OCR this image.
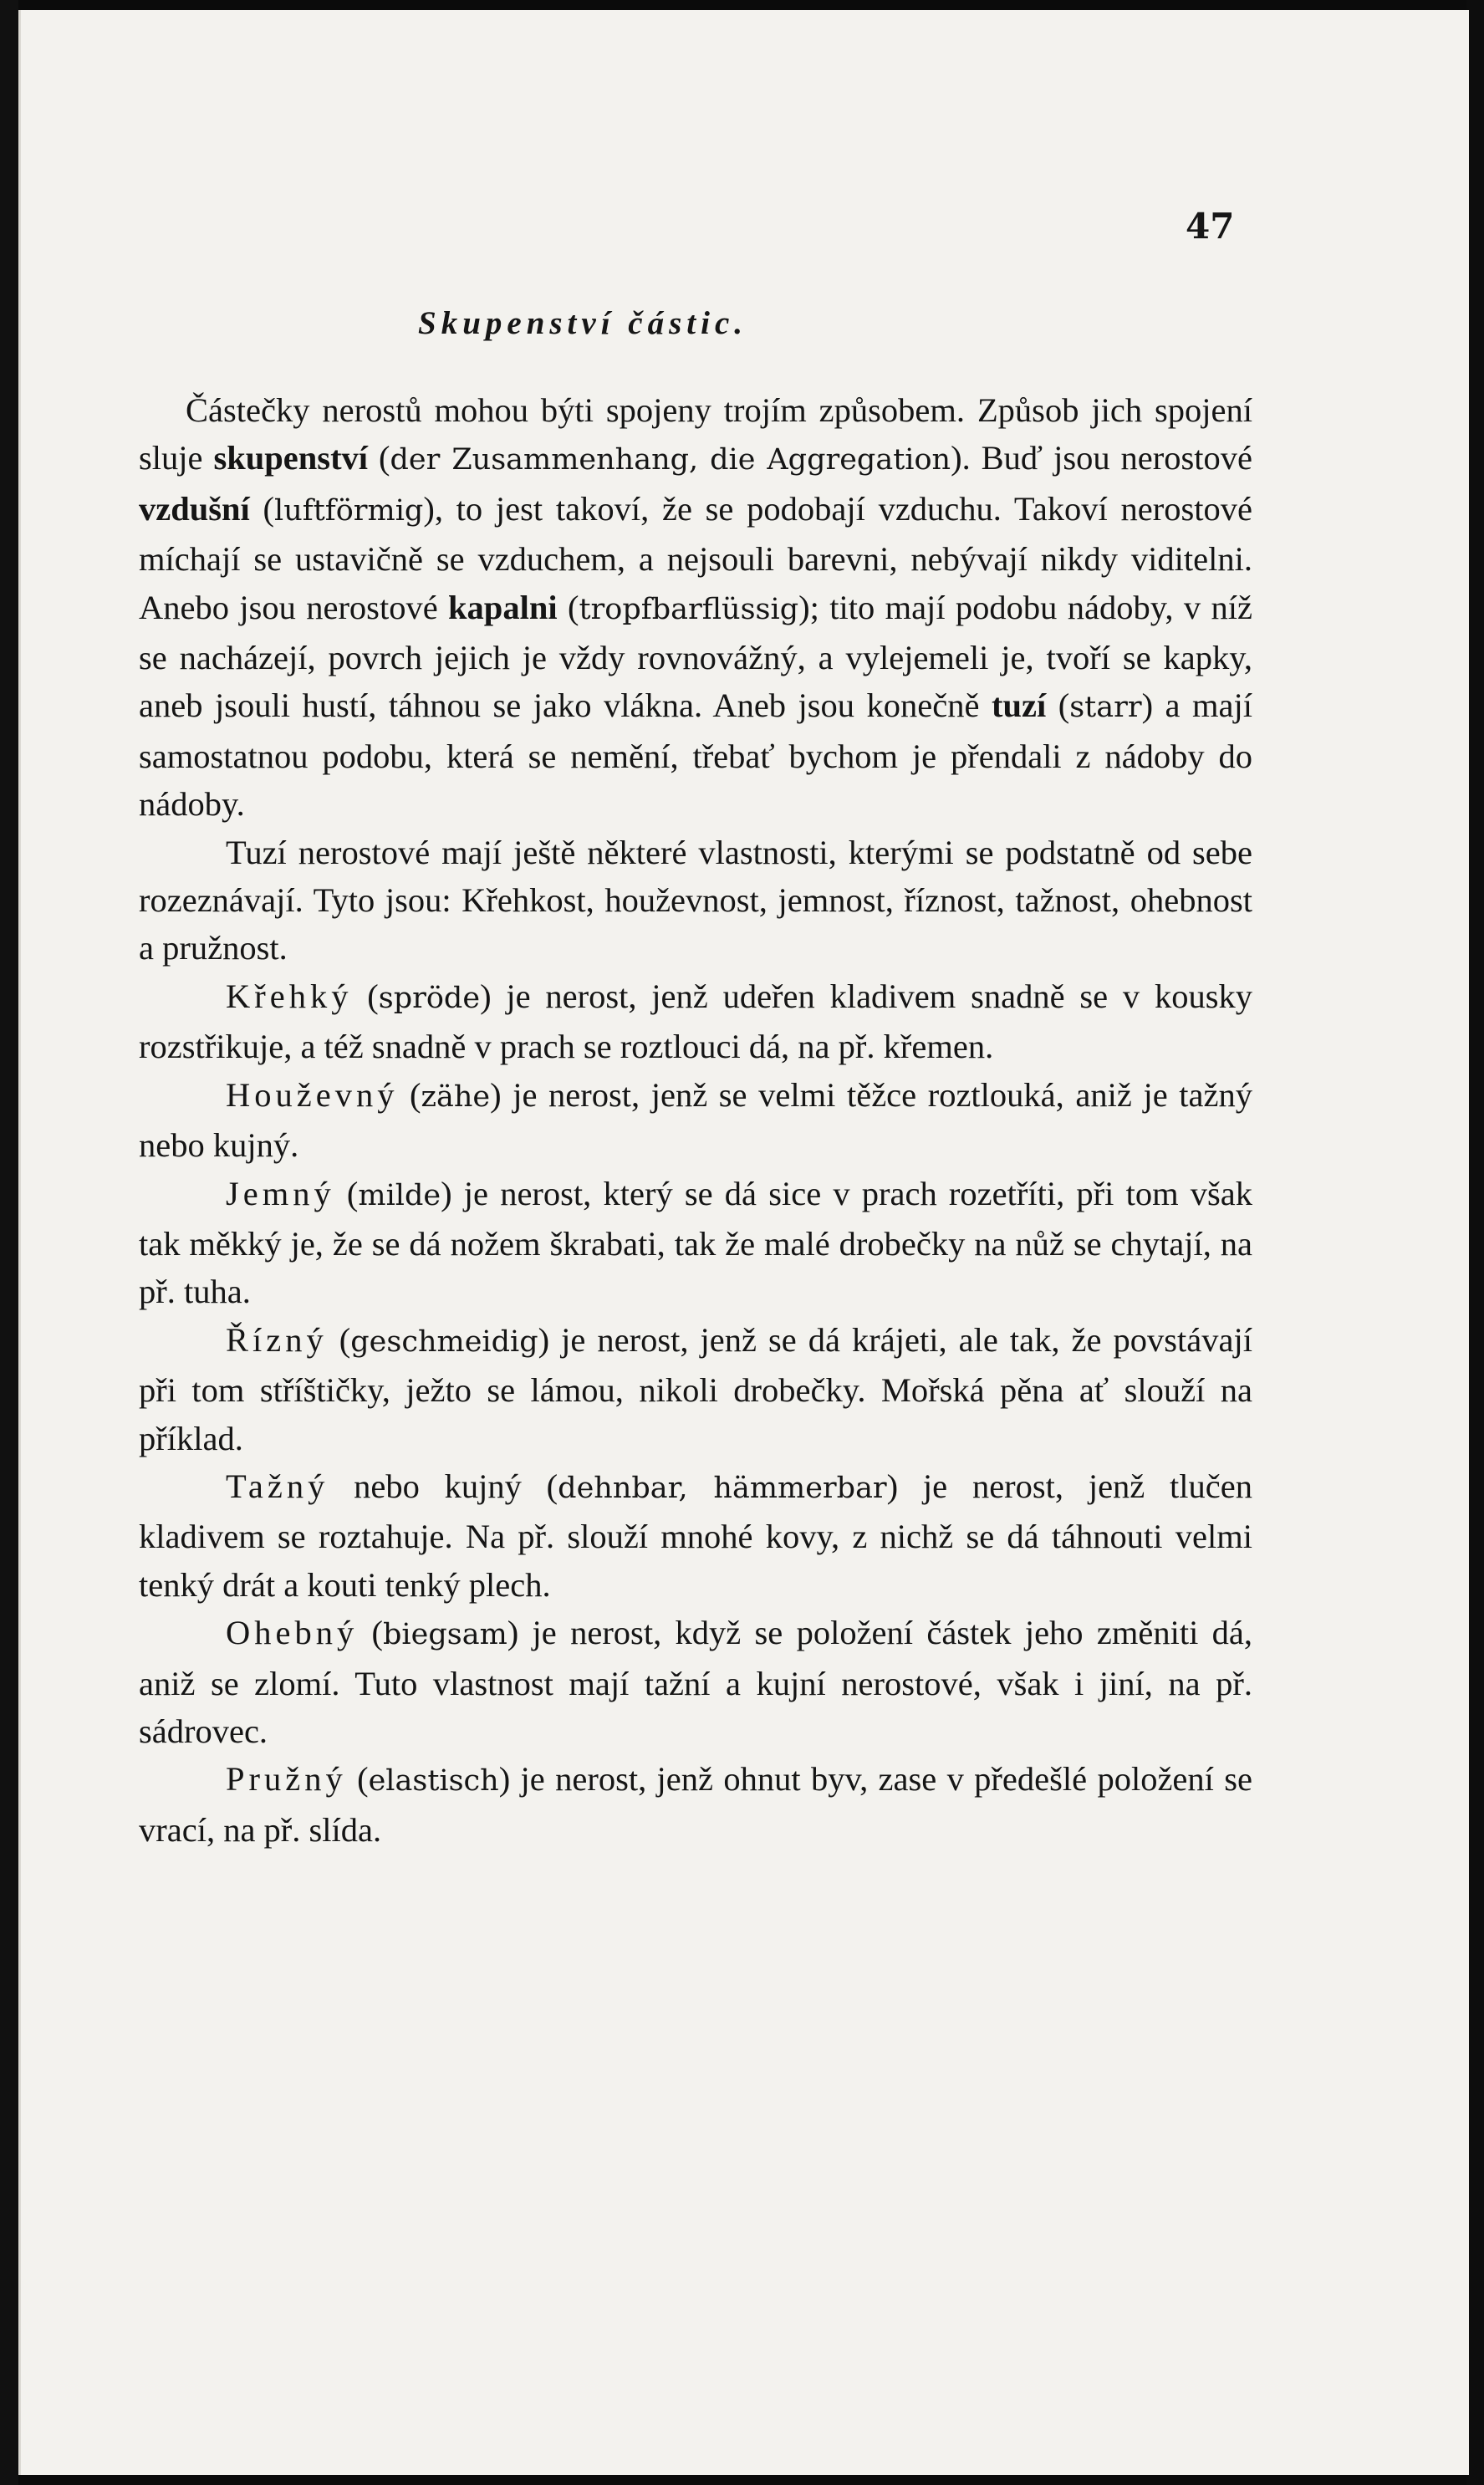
47
Skupenství částic.

Částečky nerostů mohou býti spojeny trojím způsobem. Způsob jich spojení sluje skupenství (der Zusammenhang, die Aggregation). Buď jsou nerostové vzdušní (luftförmig), to jest takoví, že se podobají vzduchu. Takoví nerostové míchají se ustavičně se vzduchem, a nejsouli barevni, nebývají nikdy viditelni. Anebo jsou nerostové kapalni (tropfbarflüssig); tito mají podobu nádoby, v níž se nacházejí, povrch jejich je vždy rovnovážný, a vylejemeli je, tvoří se kapky, aneb jsouli hustí, táhnou se jako vlákna. Aneb jsou konečně tuzí (starr) a mají samostatnou podobu, která se nemění, třebať bychom je přendali z nádoby do nádoby.

Tuzí nerostové mají ještě některé vlastnosti, kterými se podstatně od sebe rozeznávají. Tyto jsou: Křehkost, houževnost, jemnost, říznost, tažnost, ohebnost a pružnost.

Křehký (spröde) je nerost, jenž udeřen kladivem snadně se v kousky rozstřikuje, a též snadně v prach se roztlouci dá, na př. křemen.

Houževný (zähe) je nerost, jenž se velmi těžce roztlouká, aniž je tažný nebo kujný.

Jemný (milde) je nerost, který se dá sice v prach rozetříti, při tom však tak měkký je, že se dá nožem škrabati, tak že malé drobečky na nůž se chytají, na př. tuha.

Řízný (geschmeidig) je nerost, jenž se dá krájeti, ale tak, že povstávají při tom stříštičky, ježto se lámou, nikoli drobečky. Mořská pěna ať slouží na příklad.

Tažný nebo kujný (dehnbar, hämmerbar) je nerost, jenž tlučen kladivem se roztahuje. Na př. slouží mnohé kovy, z nichž se dá táhnouti velmi tenký drát a kouti tenký plech.

Ohebný (biegsam) je nerost, když se položení částek jeho změniti dá, aniž se zlomí. Tuto vlastnost mají tažní a kujní nerostové, však i jiní, na př. sádrovec.

Pružný (elastisch) je nerost, jenž ohnut byv, zase v předešlé položení se vrací, na př. slída.
